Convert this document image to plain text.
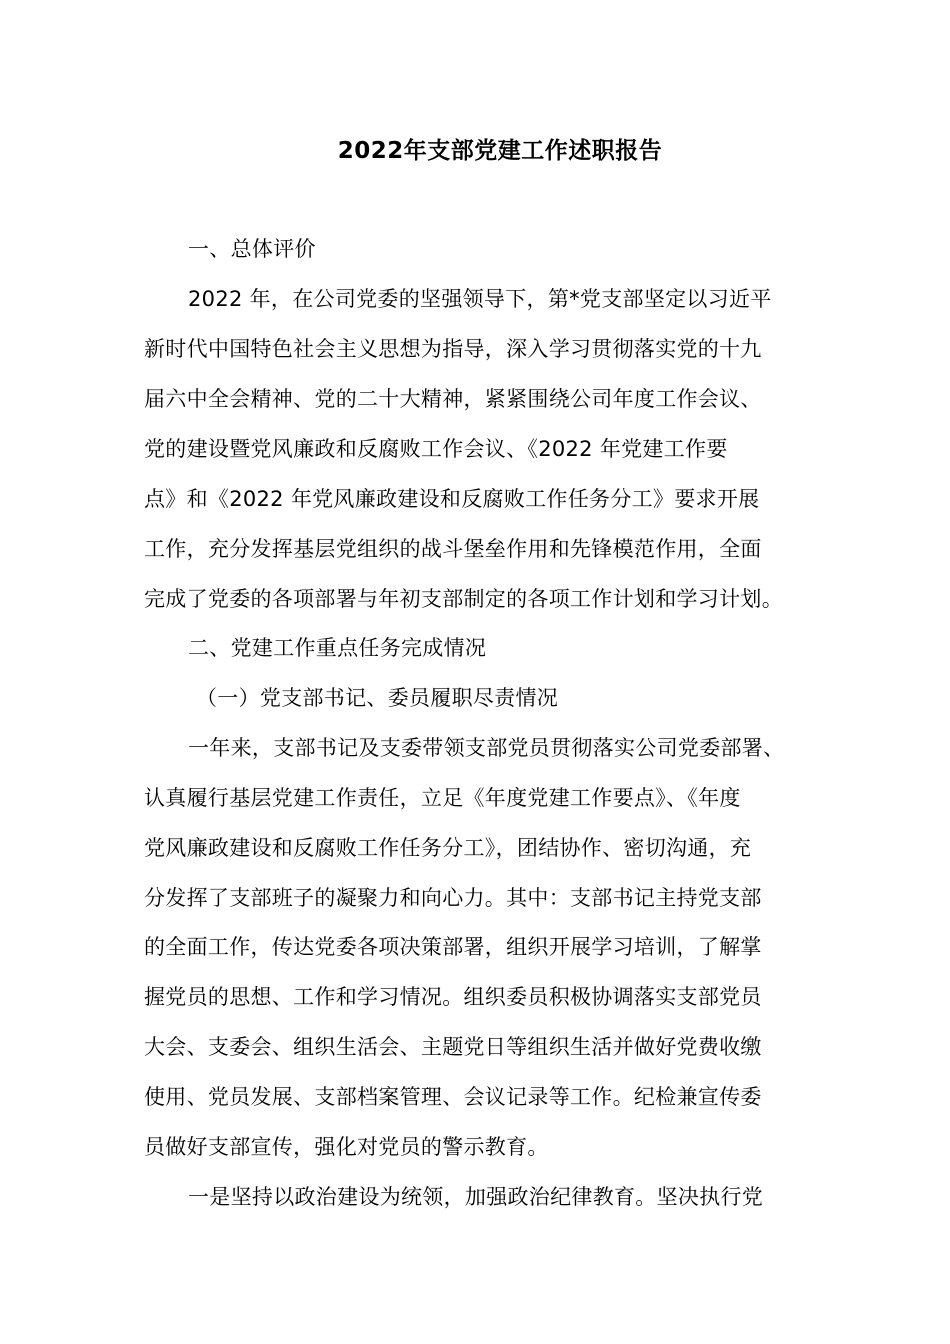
2022年支部党建工作述职报告
一、总体评价
2022 年，在公司党委的坚强领导下，第*党支部坚定以习近平
新时代中国特色社会主义思想为指导，深入学习贯彻落实党的十九
届六中全会精神、党的二十大精神，紧紧围绕公司年度工作会议、
党的建设暨党风廉政和反腐败工作会议、《2022 年党建工作要
点》和《2022 年党风廉政建设和反腐败工作任务分工》要求开展
工作，充分发挥基层党组织的战斗堡垒作用和先锋模范作用，全面
完成了党委的各项部署与年初支部制定的各项工作计划和学习计划。
二、党建工作重点任务完成情况
（一）党支部书记、委员履职尽责情况
一年来，支部书记及支委带领支部党员贯彻落实公司党委部署、
认真履行基层党建工作责任，立足《年度党建工作要点》、《年度
党风廉政建设和反腐败工作任务分工》，团结协作、密切沟通，充
分发挥了支部班子的凝聚力和向心力。其中：支部书记主持党支部
的全面工作，传达党委各项决策部署，组织开展学习培训，了解掌
握党员的思想、工作和学习情况。组织委员积极协调落实支部党员
大会、支委会、组织生活会、主题党日等组织生活并做好党费收缴
使用、党员发展、支部档案管理、会议记录等工作。纪检兼宣传委
员做好支部宣传，强化对党员的警示教育。
一是坚持以政治建设为统领，加强政治纪律教育。坚决执行党
